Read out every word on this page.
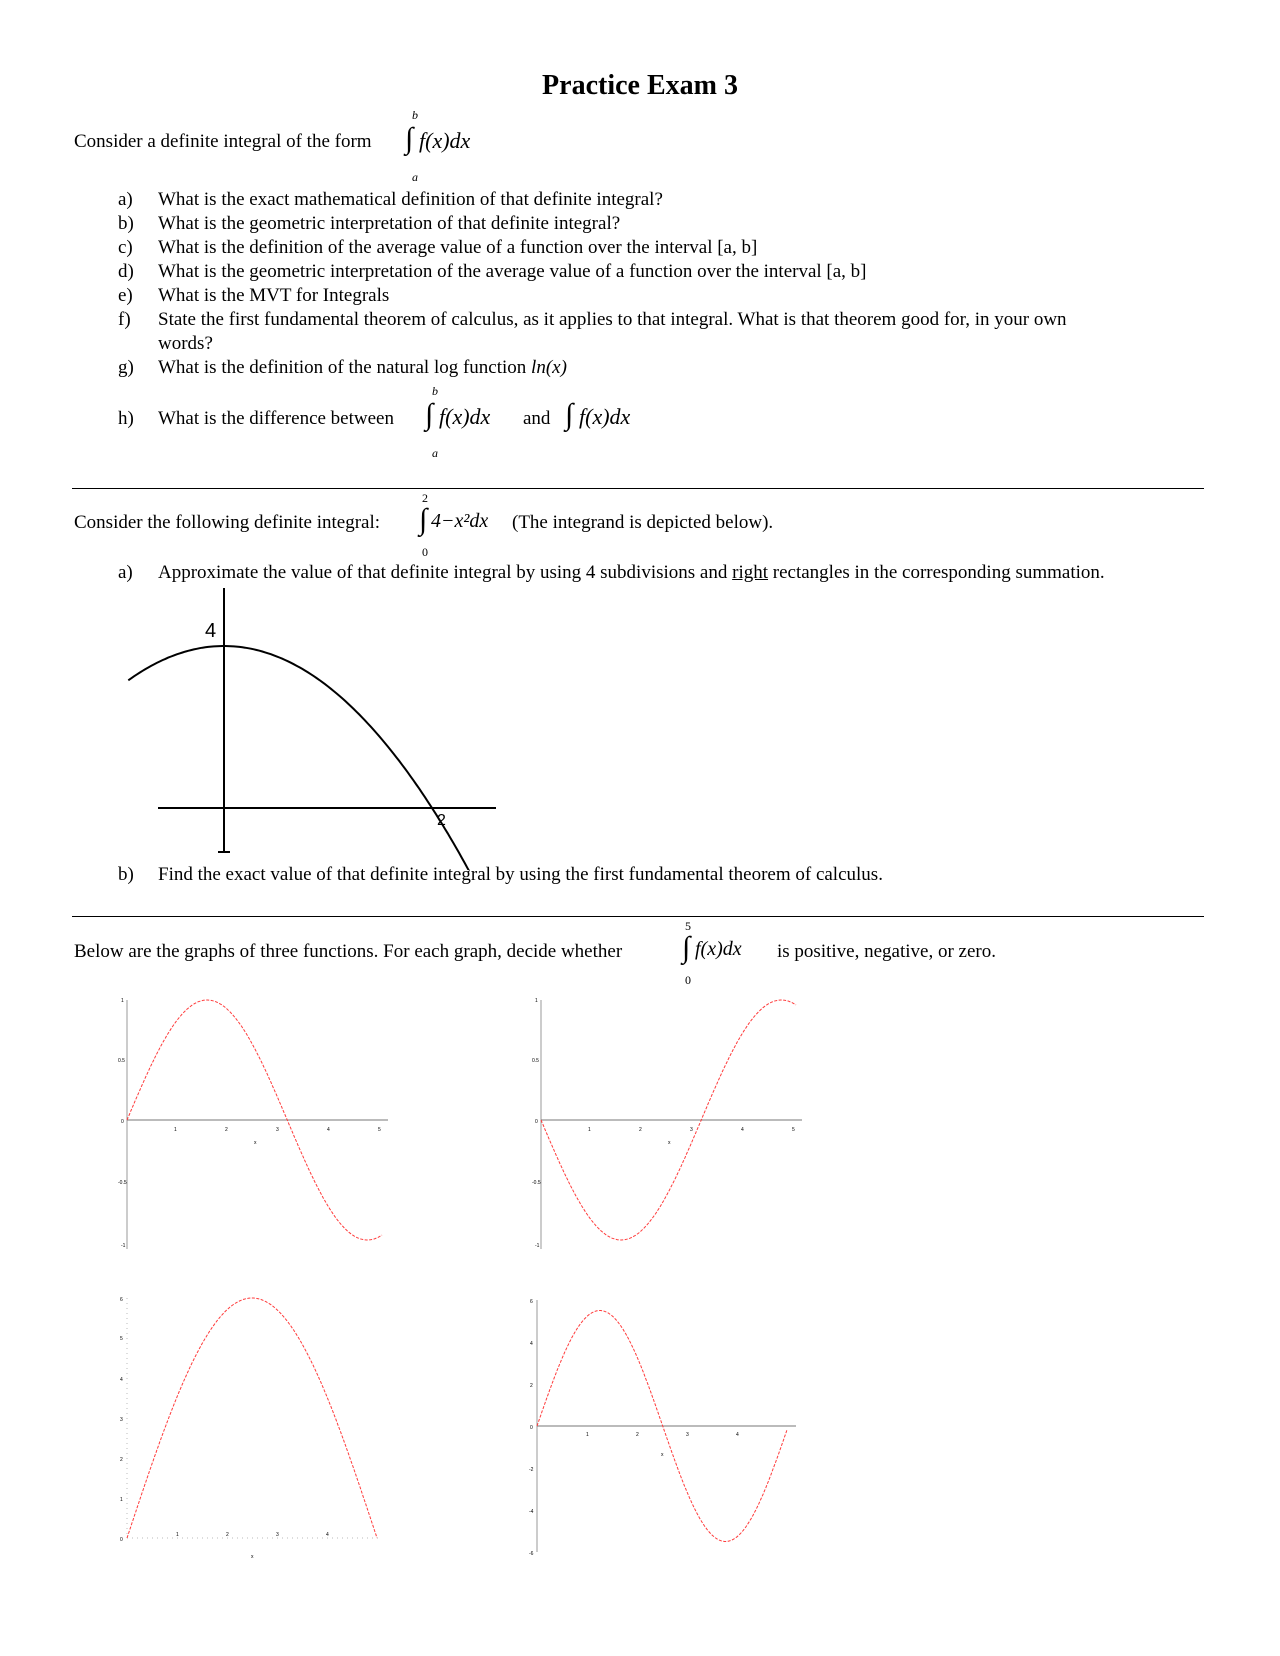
Practice Exam 3
Consider a definite integral of the form
b
∫ f(x)dx
a
a) What is the exact mathematical definition of that definite integral?
b) What is the geometric interpretation of that definite integral?
c) What is the definition of the average value of a function over the interval [a, b]
d) What is the geometric interpretation of the average value of a function over the interval [a, b]
e) What is the MVT for Integrals
f) State the first fundamental theorem of calculus, as it applies to that integral. What is that theorem good for, in your own
words?
g) What is the definition of the natural log function ln(x)
h) What is the difference between
b
∫ f(x)dx
a
and ∫ f(x)dx
Consider the following definite integral:
2
∫ 4−x²dx
0
(The integrand is depicted below).
a) Approximate the value of that definite integral by using 4 subdivisions and right rectangles in the corresponding summation.
4
2
b) Find the exact value of that definite integral by using the first fundamental theorem of calculus.
Below are the graphs of three functions. For each graph, decide whether
5
∫ f(x)dx
0
is positive, negative, or zero.
1	2	3	4	5
x
1
0.5
0
-0.5
-1
1	2	3	4	5
x
1
0.5
0
-0.5
-1
1	2	3	4
x
6
5
4
3
2
1
0
1	2	3	4
x
6
4
2
0
-2
-4
-6
